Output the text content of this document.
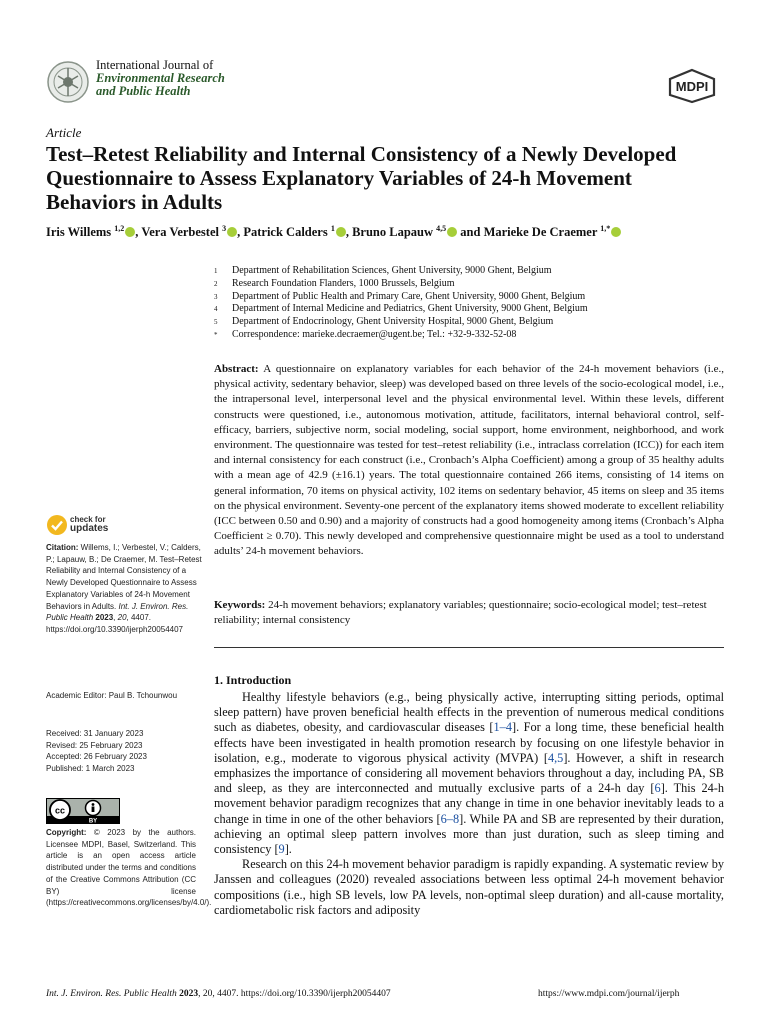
International Journal of
Environmental Research
and Public Health	MDPI
Article
Test–Retest Reliability and Internal Consistency of a Newly Developed Questionnaire to Assess Explanatory Variables of 24-h Movement Behaviors in Adults
Iris Willems $^{1,2}$ , Vera Verbestel $^3$ , Patrick Calders $^1$ , Bruno Lapauw $^{4,5}$ and Marieke De Craemer $^{1,*}$
1	Department of Rehabilitation Sciences, Ghent University, 9000 Ghent, Belgium
2	Research Foundation Flanders, 1000 Brussels, Belgium
3	Department of Public Health and Primary Care, Ghent University, 9000 Ghent, Belgium
4	Department of Internal Medicine and Pediatrics, Ghent University, 9000 Ghent, Belgium
5	Department of Endocrinology, Ghent University Hospital, 9000 Ghent, Belgium
*	Correspondence: marieke.decraemer@ugent.be; Tel.: +32-9-332-52-08
Abstract: A questionnaire on explanatory variables for each behavior of the 24-h movement behaviors (i.e., physical activity, sedentary behavior, sleep) was developed based on three levels of the socio-ecological model, i.e., the intrapersonal level, interpersonal level and the physical environmental level. Within these levels, different constructs were questioned, i.e., autonomous motivation, attitude, facilitators, internal behavioral control, self-efficacy, barriers, subjective norm, social modeling, social support, home environment, neighborhood, and work environment. The questionnaire was tested for test–retest reliability (i.e., intraclass correlation (ICC)) for each item and internal consistency for each construct (i.e., Cronbach’s Alpha Coefficient) among a group of 35 healthy adults with a mean age of 42.9 (±16.1) years. The total questionnaire contained 266 items, consisting of 14 items on general information, 70 items on physical activity, 102 items on sedentary behavior, 45 items on sleep and 35 items on the physical environment. Seventy-one percent of the explanatory items showed moderate to excellent reliability (ICC between 0.50 and 0.90) and a majority of constructs had a good homogeneity among items (Cronbach’s Alpha Coefficient ≥ 0.70). This newly developed and comprehensive questionnaire might be used as a tool to understand adults’ 24-h movement behaviors.
Keywords: 24-h movement behaviors; explanatory variables; questionnaire; socio-ecological model; test–retest reliability; internal consistency
1. Introduction

Healthy lifestyle behaviors (e.g., being physically active, interrupting sitting periods, optimal sleep pattern) have proven beneficial health effects in the prevention of numerous medical conditions such as diabetes, obesity, and cardiovascular diseases [1–4]. For a long time, these beneficial health effects have been investigated in health promotion research by focusing on one lifestyle behavior in isolation, e.g., moderate to vigorous physical activity (MVPA) [4,5]. However, a shift in research emphasizes the importance of considering all movement behaviors throughout a day, including PA, SB and sleep, as they are interconnected and mutually exclusive parts of a 24-h day [6]. This 24-h movement behavior paradigm recognizes that any change in time in one behavior inevitably leads to a change in time in one of the other behaviors [6–8]. While PA and SB are represented by their duration, achieving an optimal sleep pattern involves more than just duration, such as sleep timing and consistency [9].

Research on this 24-h movement behavior paradigm is rapidly expanding. A systematic review by Janssen and colleagues (2020) revealed associations between less optimal 24-h movement behavior compositions (i.e., high SB levels, low PA levels, non-optimal sleep duration) and all-cause mortality, cardiometabolic risk factors and adiposity

check for
updates
Citation: Willems, I.; Verbestel, V.; Calders, P.; Lapauw, B.; De Craemer, M. Test–Retest Reliability and Internal Consistency of a Newly Developed Questionnaire to Assess Explanatory Variables of 24-h Movement Behaviors in Adults. Int. J. Environ. Res. Public Health 2023, 20, 4407. https://doi.org/10.3390/ijerph20054407
Academic Editor: Paul B. Tchounwou
Received: 31 January 2023
Revised: 25 February 2023
Accepted: 26 February 2023
Published: 1 March 2023
cc
BY
Copyright: © 2023 by the authors. Licensee MDPI, Basel, Switzerland. This article is an open access article distributed under the terms and conditions of the Creative Commons Attribution (CC BY) license (https://creativecommons.org/licenses/by/4.0/).
Int. J. Environ. Res. Public Health 2023, 20, 4407. https://doi.org/10.3390/ijerph20054407	https://www.mdpi.com/journal/ijerph
